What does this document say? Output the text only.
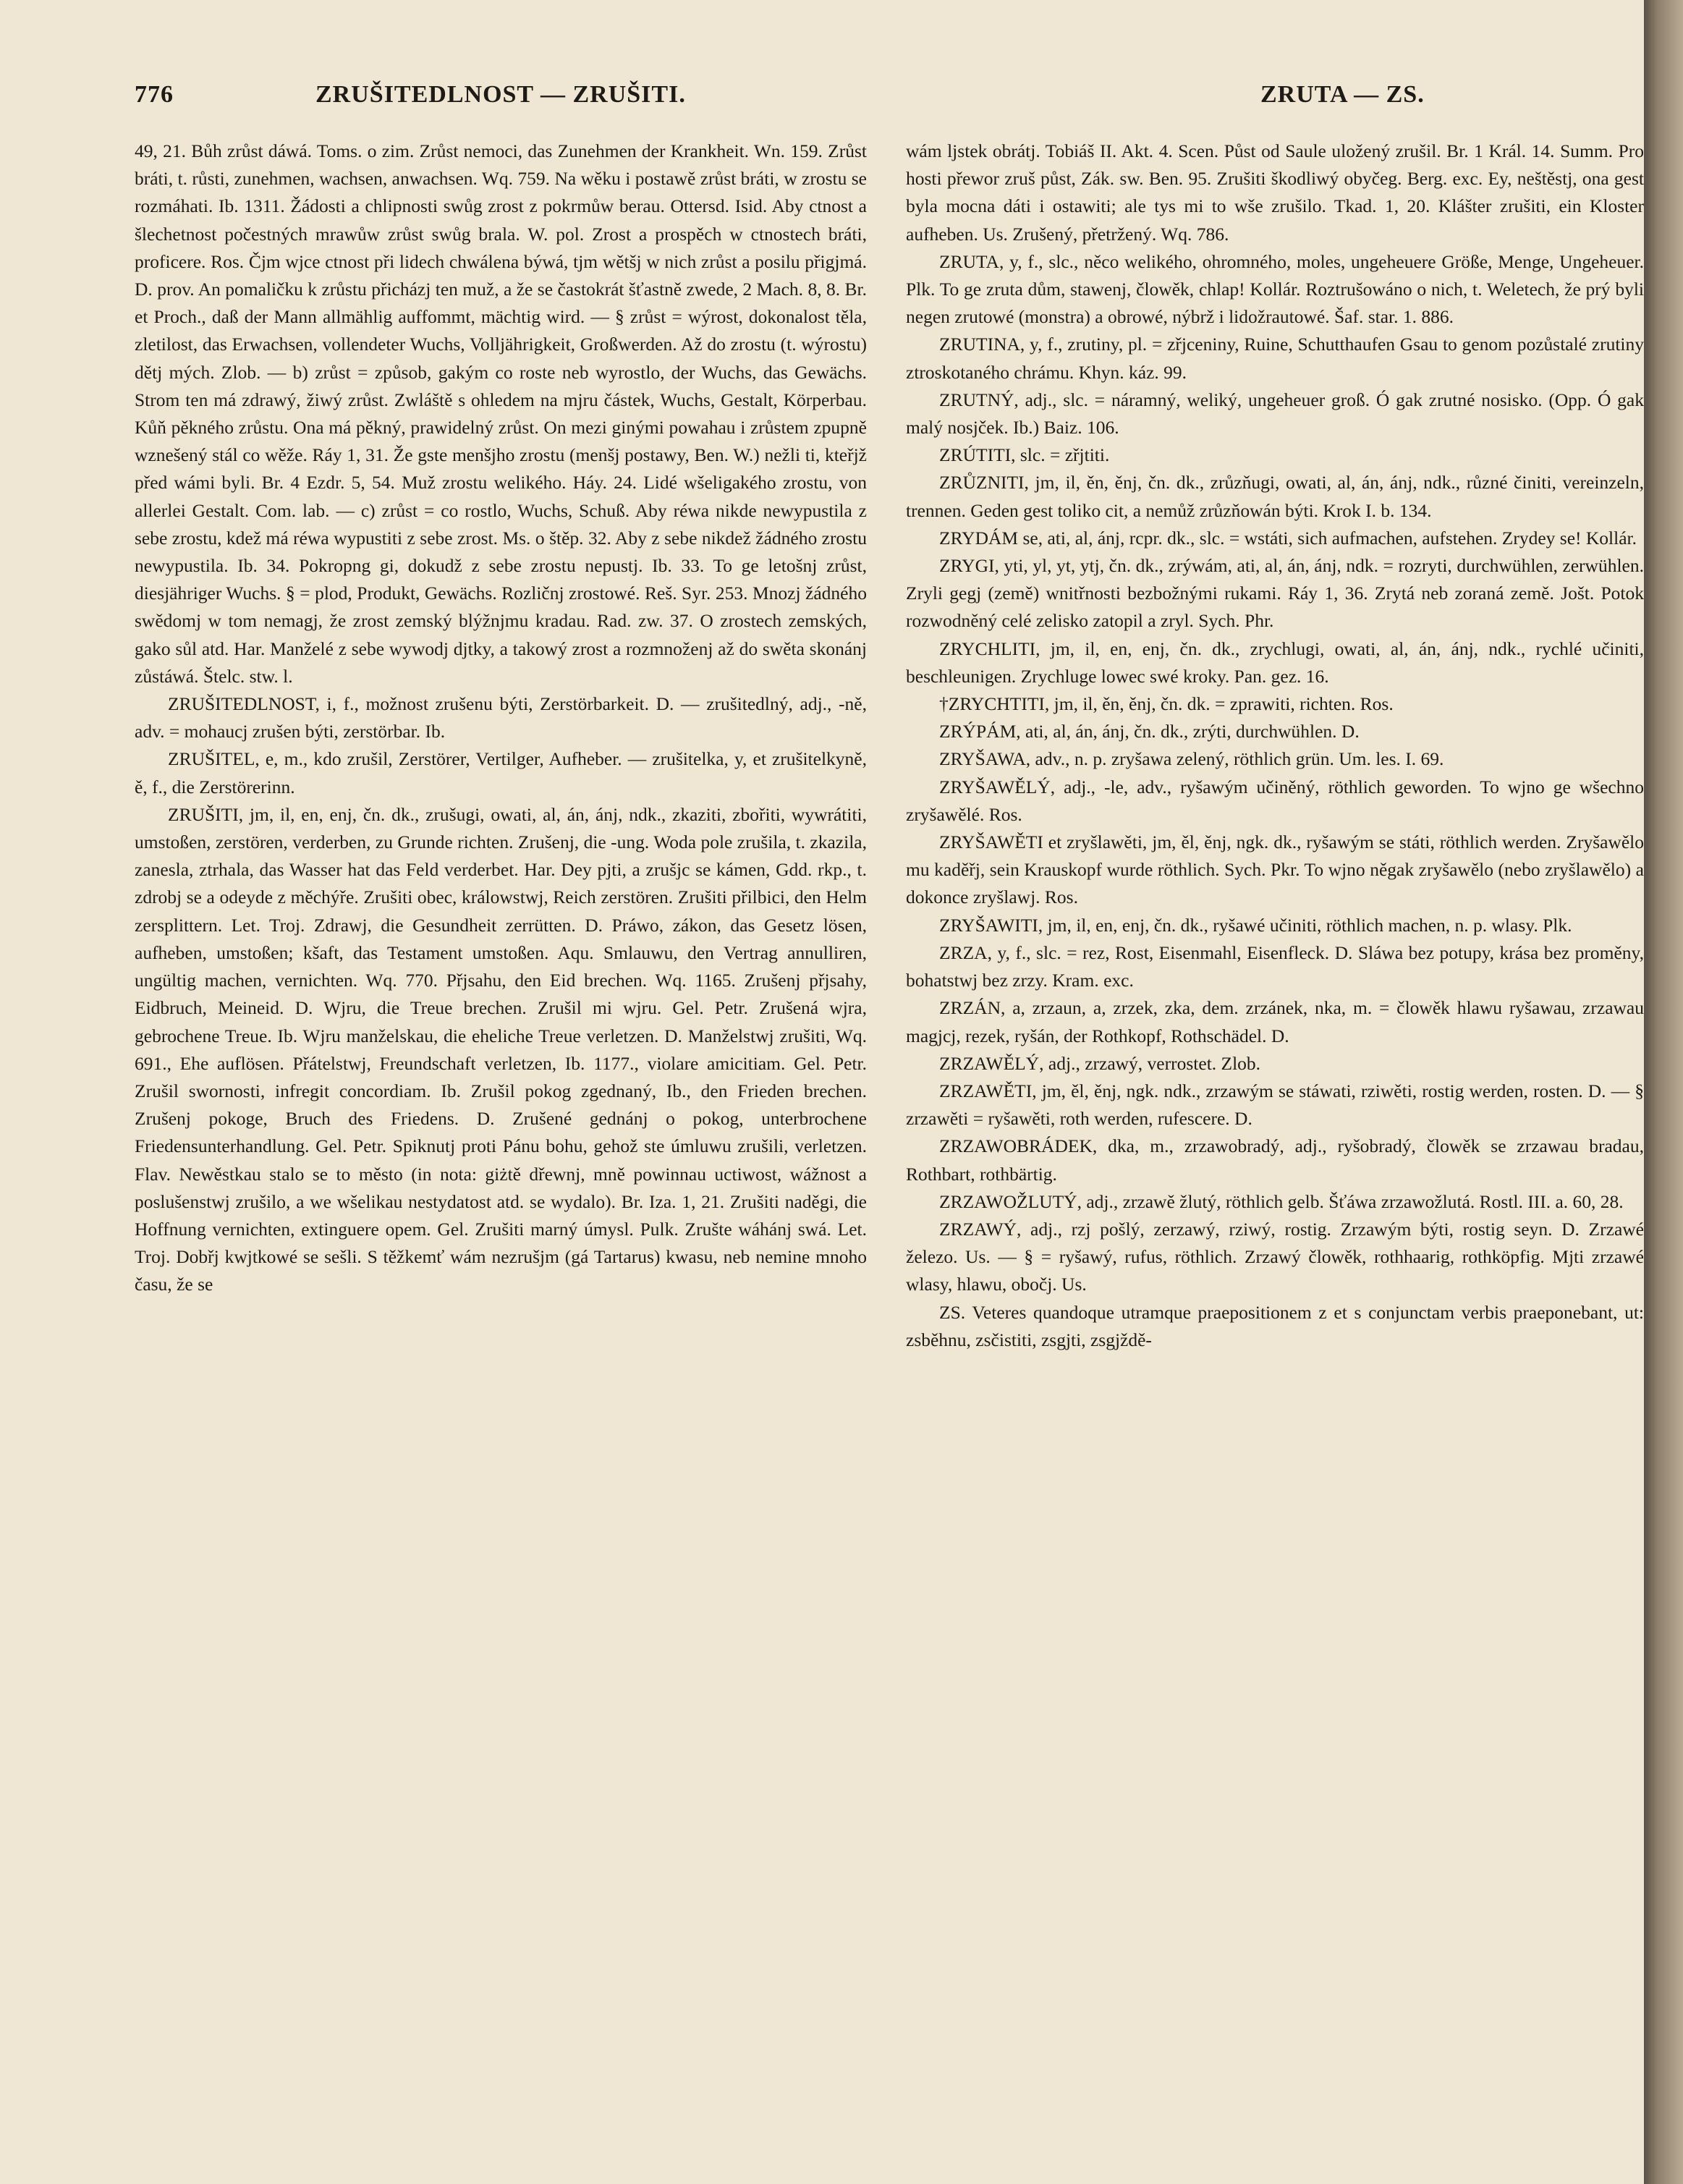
776	ZRUŠITEDLNOST — ZRUŠITI.	ZRUTA — ZS.

49, 21. Bůh zrůst dáwá. Toms. o zim. Zrůst nemoci, das Zunehmen der Krankheit. Wn. 159. Zrůst bráti, t. růsti, zunehmen, wachsen, anwachsen. Wq. 759. Na wěku i postawě zrůst bráti, w zrostu se rozmáhati. Ib. 1311. Žádosti a chlipnosti swůg zrost z pokrmůw berau. Ottersd. Isid. Aby ctnost a šlechetnost počestných mrawůw zrůst swůg brala. W. pol. Zrost a prospěch w ctnostech bráti, proficere. Ros. Čjm wjce ctnost při lidech chwálena býwá, tjm wětšj w nich zrůst a posilu přigjmá. D. prov. An pomaličku k zrůstu přicházj ten muž, a že se častokrát šťastně zwede, 2 Mach. 8, 8. Br. et Proch., daß der Mann allmählig auffommt, mächtig wird. — § zrůst = wýrost, dokonalost těla, zletilost, das Erwachsen, vollendeter Wuchs, Volljährigkeit, Großwerden. Až do zrostu (t. wýrostu) dětj mých. Zlob. — b) zrůst = způsob, gakým co roste neb wyrostlo, der Wuchs, das Gewächs. Strom ten má zdrawý, žiwý zrůst. Zwláště s ohledem na mjru částek, Wuchs, Gestalt, Körperbau. Kůň pěkného zrůstu. Ona má pěkný, prawidelný zrůst. On mezi ginými powahau i zrůstem zpupně wznešený stál co wěže. Ráy 1, 31. Že gste menšjho zrostu (menšj postawy, Ben. W.) nežli ti, kteřjž před wámi byli. Br. 4 Ezdr. 5, 54. Muž zrostu welikého. Háy. 24. Lidé wšeligakého zrostu, von allerlei Gestalt. Com. lab. — c) zrůst = co rostlo, Wuchs, Schuß. Aby réwa nikde newypustila z sebe zrostu, kdež má réwa wypustiti z sebe zrost. Ms. o štěp. 32. Aby z sebe nikdež žádného zrostu newypustila. Ib. 34. Pokropng gi, dokudž z sebe zrostu nepustj. Ib. 33. To ge letošnj zrůst, diesjähriger Wuchs. § = plod, Produkt, Gewächs. Rozličnj zrostowé. Reš. Syr. 253. Mnozj žádného swědomj w tom nemagj, že zrost zemský blýžnjmu kradau. Rad. zw. 37. O zrostech zemských, gako sůl atd. Har. Manželé z sebe wywodj djtky, a takowý zrost a rozmnoženj až do swěta skonánj zůstáwá. Štelc. stw. l.

ZRUŠITEDLNOST, i, f., možnost zrušenu býti, Zerstörbarkeit. D. — zrušitedlný, adj., -ně, adv. = mohaucj zrušen býti, zerstörbar. Ib.

ZRUŠITEL, e, m., kdo zrušil, Zerstörer, Vertilger, Aufheber. — zrušitelka, y, et zrušitelkyně, ě, f., die Zerstörerinn.

ZRUŠITI, jm, il, en, enj, čn. dk., zrušugi, owati, al, án, ánj, ndk., zkaziti, zbořiti, wywrátiti, umstoßen, zerstören, verderben, zu Grunde richten. Zrušenj, die -ung. Woda pole zrušila, t. zkazila, zanesla, ztrhala, das Wasser hat das Feld verderbet. Har. Dey pjti, a zrušjc se kámen, Gdd. rkp., t. zdrobj se a odeyde z měchýře. Zrušiti obec, králowstwj, Reich zerstören. Zrušiti přilbici, den Helm zersplittern. Let. Troj. Zdrawj, die Gesundheit zerrütten. D. Práwo, zákon, das Gesetz lösen, aufheben, umstoßen; kšaft, das Testament umstoßen. Aqu. Smlauwu, den Vertrag annulliren, ungültig machen, vernichten. Wq. 770. Přjsahu, den Eid brechen. Wq. 1165. Zrušenj přjsahy, Eidbruch, Meineid. D. Wjru, die Treue brechen. Zrušil mi wjru. Gel. Petr. Zrušená wjra, gebrochene Treue. Ib. Wjru manželskau, die eheliche Treue verletzen. D. Manželstwj zrušiti, Wq. 691., Ehe auflösen. Přátelstwj, Freundschaft verletzen, Ib. 1177., violare amicitiam. Gel. Petr. Zrušil swornosti, infregit concordiam. Ib. Zrušil pokog zgednaný, Ib., den Frieden brechen. Zrušenj pokoge, Bruch des Friedens. D. Zrušené gednánj o pokog, unterbrochene Friedensunterhandlung. Gel. Petr. Spiknutj proti Pánu bohu, gehož ste úmluwu zrušili, verletzen. Flav. Newěstkau stalo se to město (in nota: giżtě dřewnj, mně powinnau uctiwost, wážnost a poslušenstwj zrušilo, a we wšelikau nestydatost atd. se wydalo). Br. Iza. 1, 21. Zrušiti naděgi, die Hoffnung vernichten, extinguere opem. Gel. Zrušiti marný úmysl. Pulk. Zrušte wáhánj swá. Let. Troj. Dobřj kwjtkowé se sešli. S těžkemť wám nezrušjm (gá Tartarus) kwasu, neb nemine mnoho času, že se

wám ljstek obrátj. Tobiáš II. Akt. 4. Scen. Půst od Saule uložený zrušil. Br. 1 Král. 14. Summ. Pro hosti přewor zruš půst, Zák. sw. Ben. 95. Zrušiti škodliwý obyčeg. Berg. exc. Ey, neštěstj, ona gest byla mocna dáti i ostawiti; ale tys mi to wše zrušilo. Tkad. 1, 20. Klášter zrušiti, ein Kloster aufheben. Us. Zrušený, přetržený. Wq. 786.

ZRUTA, y, f., slc., něco welikého, ohromného, moles, ungeheuere Größe, Menge, Ungeheuer. Plk. To ge zruta dům, stawenj, člowěk, chlap! Kollár. Roztrušowáno o nich, t. Weletech, že prý byli negen zrutowé (monstra) a obrowé, nýbrž i lidožrautowé. Šaf. star. 1. 886.

ZRUTINA, y, f., zrutiny, pl. = zřjceniny, Ruine, Schutthaufen Gsau to genom pozůstalé zrutiny ztroskotaného chrámu. Khyn. káz. 99.

ZRUTNÝ, adj., slc. = náramný, weliký, ungeheuer groß. Ó gak zrutné nosisko. (Opp. Ó gak malý nosjček. Ib.) Baiz. 106.

ZRÚTITI, slc. = zřjtiti.

ZRŮZNITI, jm, il, ěn, ěnj, čn. dk., zrůzňugi, owati, al, án, ánj, ndk., různé činiti, vereinzeln, trennen. Geden gest toliko cit, a nemůž zrůzňowán býti. Krok I. b. 134.

ZRYDÁM se, ati, al, ánj, rcpr. dk., slc. = wstáti, sich aufmachen, aufstehen. Zrydey se! Kollár.

ZRYGI, yti, yl, yt, ytj, čn. dk., zrýwám, ati, al, án, ánj, ndk. = rozryti, durchwühlen, zerwühlen. Zryli gegj (země) wnitřnosti bezbožnými rukami. Ráy 1, 36. Zrytá neb zoraná země. Jošt. Potok rozwodněný celé zelisko zatopil a zryl. Sych. Phr.

ZRYCHLITI, jm, il, en, enj, čn. dk., zrychlugi, owati, al, án, ánj, ndk., rychlé učiniti, beschleunigen. Zrychluge lowec swé kroky. Pan. gez. 16.

†ZRYCHTITI, jm, il, ěn, ěnj, čn. dk. = zprawiti, richten. Ros.

ZRÝPÁM, ati, al, án, ánj, čn. dk., zrýti, durchwühlen. D.

ZRYŠAWA, adv., n. p. zryšawa zelený, röthlich grün. Um. les. I. 69.

ZRYŠAWĚLÝ, adj., -le, adv., ryšawým učiněný, röthlich geworden. To wjno ge wšechno zryšawělé. Ros.

ZRYŠAWĚTI et zryšlawěti, jm, ěl, ěnj, ngk. dk., ryšawým se státi, röthlich werden. Zryšawělo mu kaděřj, sein Krauskopf wurde röthlich. Sych. Pkr. To wjno něgak zryšawělo (nebo zryšlawělo) a dokonce zryšlawj. Ros.

ZRYŠAWITI, jm, il, en, enj, čn. dk., ryšawé učiniti, röthlich machen, n. p. wlasy. Plk.

ZRZA, y, f., slc. = rez, Rost, Eisenmahl, Eisenfleck. D. Sláwa bez potupy, krása bez proměny, bohatstwj bez zrzy. Kram. exc.

ZRZÁN, a, zrzaun, a, zrzek, zka, dem. zrzánek, nka, m. = člowěk hlawu ryšawau, zrzawau magjcj, rezek, ryšán, der Rothkopf, Rothschädel. D.

ZRZAWĚLÝ, adj., zrzawý, verrostet. Zlob.

ZRZAWĚTI, jm, ěl, ěnj, ngk. ndk., zrzawým se stáwati, rziwěti, rostig werden, rosten. D. — § zrzawěti = ryšawěti, roth werden, rufescere. D.

ZRZAWOBRÁDEK, dka, m., zrzawobradý, adj., ryšobradý, člowěk se zrzawau bradau, Rothbart, rothbärtig.

ZRZAWOŽLUTÝ, adj., zrzawě žlutý, röthlich gelb. Šťáwa zrzawožlutá. Rostl. III. a. 60, 28.

ZRZAWÝ, adj., rzj pošlý, zerzawý, rziwý, rostig. Zrzawým býti, rostig seyn. D. Zrzawé železo. Us. — § = ryšawý, rufus, röthlich. Zrzawý člowěk, rothhaarig, rothköpfig. Mjti zrzawé wlasy, hlawu, obočj. Us.

ZS. Veteres quandoque utramque praepositionem z et s conjunctam verbis praeponebant, ut: zsběhnu, zsčistiti, zsgjti, zsgjždě-
